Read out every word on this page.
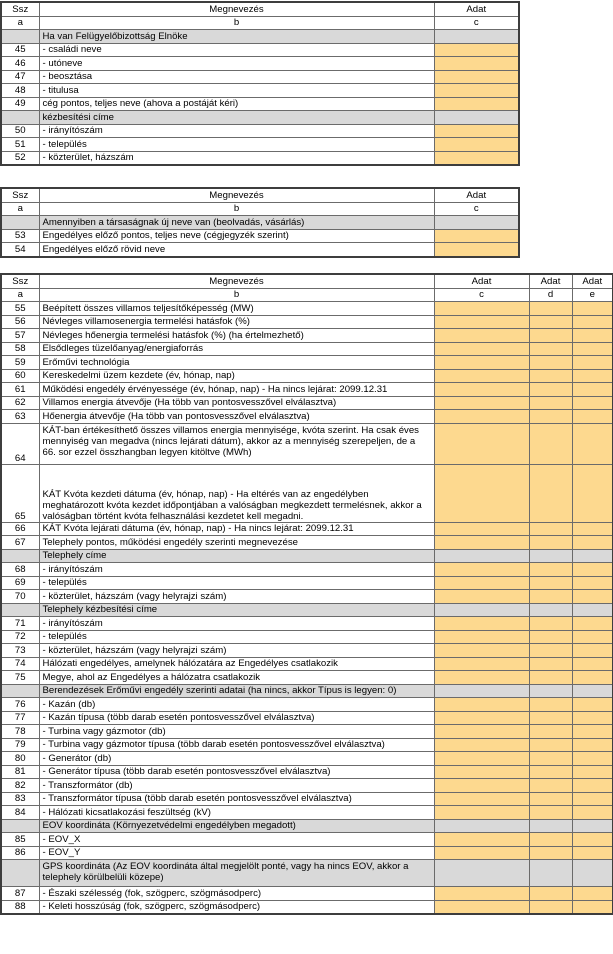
Ssz	Megnevezés	Adat
a	b	c
	Ha van Felügyelőbizottság Elnöke	
45	- családi neve	
46	- utóneve	
47	- beosztása	
48	- titulusa	
49	cég pontos, teljes neve (ahova a postáját kéri)	
	kézbesítési címe	
50	- irányítószám	
51	- település	
52	- közterület, házszám	
Ssz	Megnevezés	Adat
a	b	c
	Amennyiben a társaságnak új neve van (beolvadás, vásárlás)	
53	Engedélyes előző pontos, teljes neve (cégjegyzék szerint)	
54	Engedélyes előző rövid neve	
Ssz	Megnevezés	Adat	Adat	Adat
a	b	c	d	e
55	Beépített összes villamos teljesítőképesség (MW)			
56	Névleges villamosenergia termelési hatásfok (%)			
57	Névleges hőenergia termelési hatásfok (%) (ha értelmezhető)			
58	Elsődleges tüzelőanyag/energiaforrás			
59	Erőművi technológia			
60	Kereskedelmi üzem kezdete (év, hónap, nap)			
61	Működési engedély érvényessége (év, hónap, nap) - Ha nincs lejárat: 2099.12.31			
62	Villamos energia átvevője (Ha több van pontosvesszővel elválasztva)			
63	Hőenergia átvevője (Ha több van pontosvesszővel elválasztva)			
64	KÁT-ban értékesíthető összes villamos energia mennyisége, kvóta szerint. Ha csak éves mennyiség van megadva (nincs lejárati dátum), akkor az a mennyiség szerepeljen, de a 66. sor ezzel összhangban legyen kitöltve (MWh)			
65	KÁT Kvóta kezdeti dátuma (év, hónap, nap) - Ha eltérés van az engedélyben meghatározott kvóta kezdet időpontjában a valóságban megkezdett termelésnek, akkor a valóságban történt kvóta felhasználási kezdetet kell megadni.			
66	KÁT Kvóta lejárati dátuma (év, hónap, nap) - Ha nincs lejárat: 2099.12.31			
67	Telephely pontos, működési engedély szerinti megnevezése			
	Telephely címe			
68	- irányítószám			
69	- település			
70	- közterület, házszám (vagy helyrajzi szám)			
	Telephely kézbesítési címe			
71	- irányítószám			
72	- település			
73	- közterület, házszám (vagy helyrajzi szám)			
74	Hálózati engedélyes, amelynek hálózatára az Engedélyes csatlakozik			
75	Megye, ahol az Engedélyes a hálózatra csatlakozik			
	Berendezések Erőművi engedély szerinti adatai (ha nincs, akkor Típus is legyen: 0)			
76	- Kazán (db)			
77	- Kazán típusa (több darab esetén pontosvesszővel elválasztva)			
78	- Turbina vagy gázmotor (db)			
79	- Turbina vagy gázmotor típusa (több darab esetén pontosvesszővel elválasztva)			
80	- Generátor (db)			
81	- Generátor típusa (több darab esetén pontosvesszővel elválasztva)			
82	- Transzformátor (db)			
83	- Transzformátor típusa (több darab esetén pontosvesszővel elválasztva)			
84	- Hálózati kicsatlakozási feszültség (kV)			
	EOV koordináta (Környezetvédelmi engedélyben megadott)			
85	- EOV_X			
86	- EOV_Y			
	GPS koordináta (Az EOV koordináta által megjelölt ponté, vagy ha nincs EOV, akkor a telephely körülbelüli közepe)			
87	- Északi szélesség (fok, szögperc, szögmásodperc)			
88	- Keleti hosszúság (fok, szögperc, szögmásodperc)			
